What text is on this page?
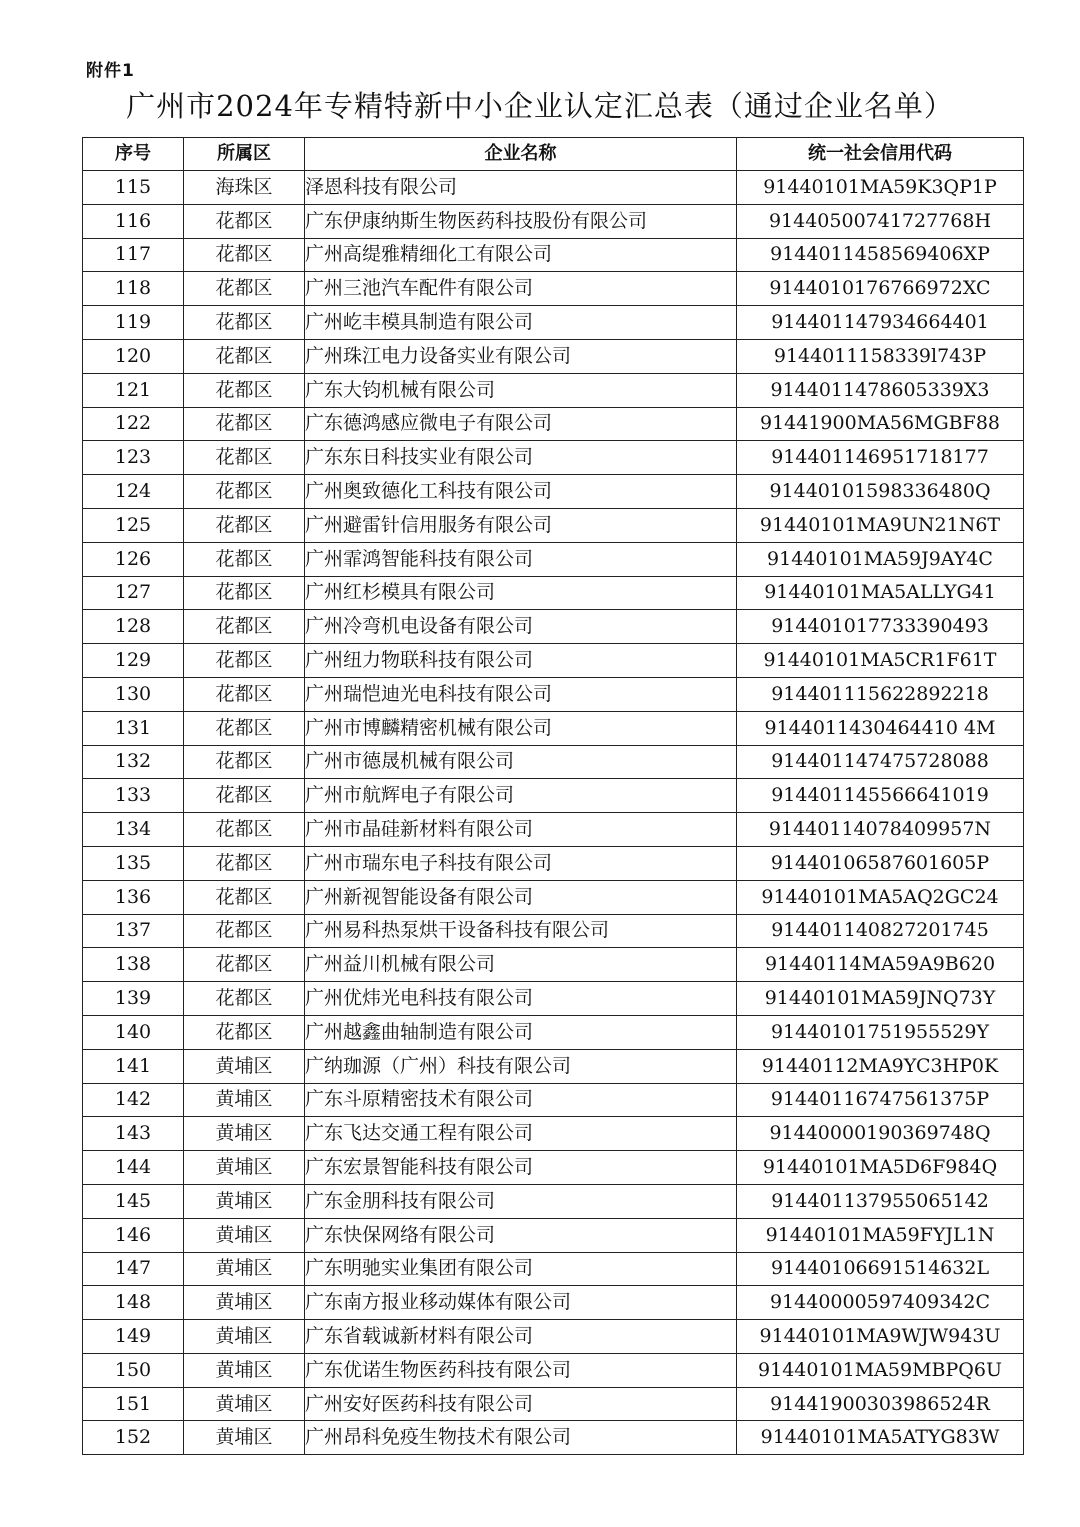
附件1
广州市2024年专精特新中小企业认定汇总表（通过企业名单）
序号	所属区	企业名称	统一社会信用代码
115	海珠区	泽恩科技有限公司	91440101MA59K3QP1P
116	花都区	广东伊康纳斯生物医药科技股份有限公司	91440500741727768H
117	花都区	广州高缇雅精细化工有限公司	9144011458569406XP
118	花都区	广州三池汽车配件有限公司	9144010176766972XC
119	花都区	广州屹丰模具制造有限公司	914401147934664401
120	花都区	广州珠江电力设备实业有限公司	9144011158339l743P
121	花都区	广东大钧机械有限公司	9144011478605339X3
122	花都区	广东德鸿感应微电子有限公司	91441900MA56MGBF88
123	花都区	广东东日科技实业有限公司	914401146951718177
124	花都区	广州奥致德化工科技有限公司	91440101598336480Q
125	花都区	广州避雷针信用服务有限公司	91440101MA9UN21N6T
126	花都区	广州霏鸿智能科技有限公司	91440101MA59J9AY4C
127	花都区	广州红杉模具有限公司	91440101MA5ALLYG41
128	花都区	广州冷弯机电设备有限公司	914401017733390493
129	花都区	广州纽力物联科技有限公司	91440101MA5CR1F61T
130	花都区	广州瑞恺迪光电科技有限公司	914401115622892218
131	花都区	广州市博麟精密机械有限公司	9144011430464410 4M
132	花都区	广州市德晟机械有限公司	914401147475728088
133	花都区	广州市航辉电子有限公司	914401145566641019
134	花都区	广州市晶硅新材料有限公司	91440114078409957N
135	花都区	广州市瑞东电子科技有限公司	91440106587601605P
136	花都区	广州新视智能设备有限公司	91440101MA5AQ2GC24
137	花都区	广州易科热泵烘干设备科技有限公司	914401140827201745
138	花都区	广州益川机械有限公司	91440114MA59A9B620
139	花都区	广州优炜光电科技有限公司	91440101MA59JNQ73Y
140	花都区	广州越鑫曲轴制造有限公司	91440101751955529Y
141	黄埔区	广纳珈源（广州）科技有限公司	91440112MA9YC3HP0K
142	黄埔区	广东斗原精密技术有限公司	91440116747561375P
143	黄埔区	广东飞达交通工程有限公司	91440000190369748Q
144	黄埔区	广东宏景智能科技有限公司	91440101MA5D6F984Q
145	黄埔区	广东金朋科技有限公司	914401137955065142
146	黄埔区	广东快保网络有限公司	91440101MA59FYJL1N
147	黄埔区	广东明驰实业集团有限公司	91440106691514632L
148	黄埔区	广东南方报业移动媒体有限公司	91440000597409342C
149	黄埔区	广东省载诚新材料有限公司	91440101MA9WJW943U
150	黄埔区	广东优诺生物医药科技有限公司	91440101MA59MBPQ6U
151	黄埔区	广州安好医药科技有限公司	91441900303986524R
152	黄埔区	广州昂科免疫生物技术有限公司	91440101MA5ATYG83W
